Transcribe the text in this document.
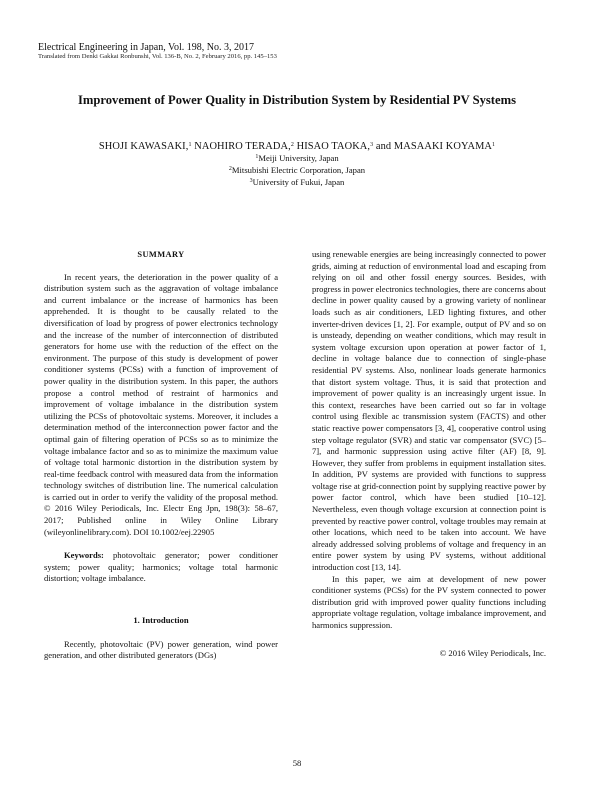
Electrical Engineering in Japan, Vol. 198, No. 3, 2017
Translated from Denki Gakkai Ronbunshi, Vol. 136-B, No. 2, February 2016, pp. 145–153
Improvement of Power Quality in Distribution System by Residential PV Systems
SHOJI KAWASAKI,$^1$ NAOHIRO TERADA,$^2$ HISAO TAOKA,$^3$ and MASAAKI KOYAMA$^1$
$^1$Meiji University, Japan
$^2$Mitsubishi Electric Corporation, Japan
$^3$University of Fukui, Japan
SUMMARY

In recent years, the deterioration in the power quality of a distribution system such as the aggravation of voltage imbalance and current imbalance or the increase of harmonics has been apprehended. It is thought to be causally related to the diversification of load by progress of power electronics technology and the increase of the number of interconnection of distributed generators for home use with the reduction of the effect on the environment. The purpose of this study is development of power conditioner systems (PCSs) with a function of improvement of power quality in the distribution system. In this paper, the authors propose a control method of restraint of harmonics and improvement of voltage imbalance in the distribution system utilizing the PCSs of photovoltaic systems. Moreover, it includes a determination method of the interconnection power factor and the optimal gain of filtering operation of PCSs so as to minimize the voltage imbalance factor and so as to minimize the maximum value of voltage total harmonic distortion in the distribution system by real-time feedback control with measured data from the information technology switches of distribution line. The numerical calculation is carried out in order to verify the validity of the proposal method. © 2016 Wiley Periodicals, Inc. Electr Eng Jpn, 198(3): 58–67, 2017; Published online in Wiley Online Library (wileyonlinelibrary.com). DOI 10.1002/eej.22905

Keywords: photovoltaic generator; power conditioner system; power quality; harmonics; voltage total harmonic distortion; voltage imbalance.

1. Introduction

Recently, photovoltaic (PV) power generation, wind power generation, and other distributed generators (DGs)

using renewable energies are being increasingly connected to power grids, aiming at reduction of environmental load and escaping from relying on oil and other fossil energy sources. Besides, with progress in power electronics technologies, there are concerns about decline in power quality caused by a growing variety of nonlinear loads such as air conditioners, LED lighting fixtures, and other inverter-driven devices [1, 2]. For example, output of PV and so on is unsteady, depending on weather conditions, which may result in system voltage excursion upon operation at power factor of 1, decline in voltage balance due to connection of single-phase residential PV systems. Also, nonlinear loads generate harmonics that distort system voltage. Thus, it is said that protection and improvement of power quality is an increasingly urgent issue. In this context, researches have been carried out so far in voltage control using flexible ac transmission system (FACTS) and other static reactive power compensators [3, 4], cooperative control using step voltage regulator (SVR) and static var compensator (SVC) [5–7], and harmonic suppression using active filter (AF) [8, 9]. However, they suffer from problems in equipment installation sites. In addition, PV systems are provided with functions to suppress voltage rise at grid-connection point by supplying reactive power by power factor control, which have been studied [10–12]. Nevertheless, even though voltage excursion at connection point is prevented by reactive power control, voltage troubles may remain at other locations, which need to be taken into account. We have already addressed solving problems of voltage and frequency in an entire power system by using PV systems, without additional introduction cost [13, 14].

In this paper, we aim at development of new power conditioner systems (PCSs) for the PV system connected to power distribution grid with improved power quality functions including appropriate voltage regulation, voltage imbalance improvement, and harmonics suppression.

© 2016 Wiley Periodicals, Inc.
58
